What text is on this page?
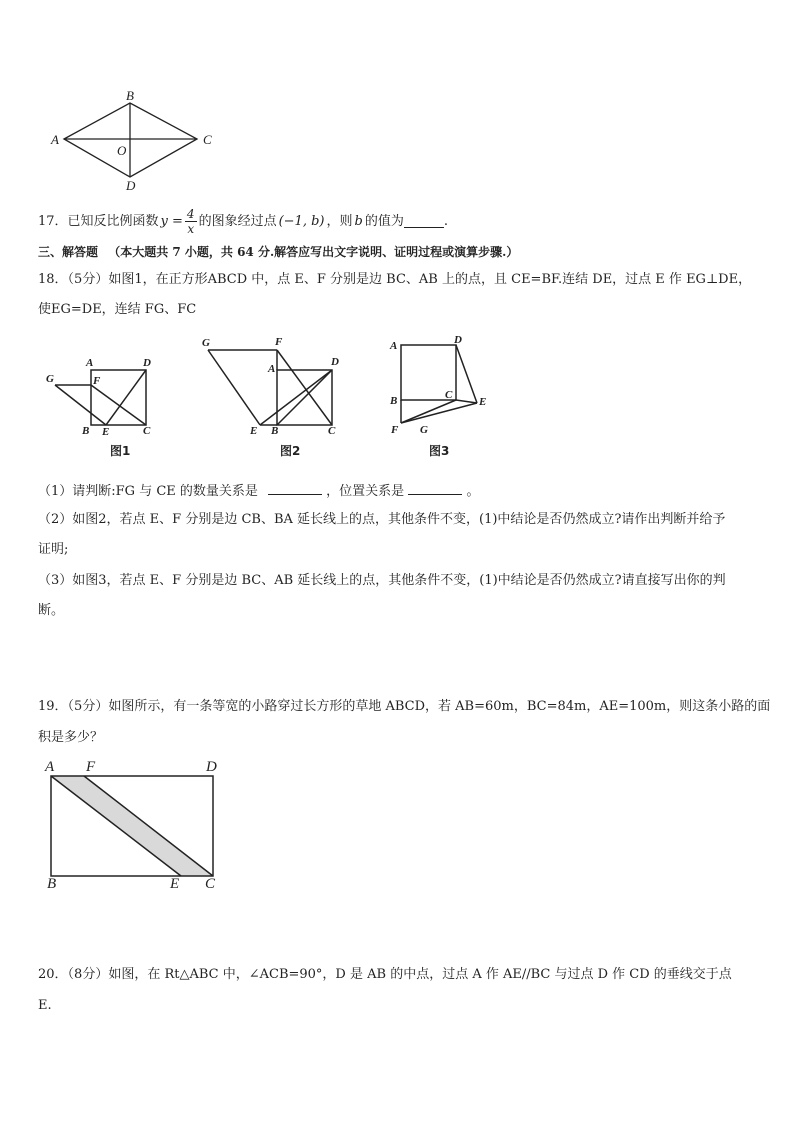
B
A	C
O
D
17．已知反比例函数 $y = \frac{4}{x}$ 的图象经过点 (−1, b) ，则 b 的值为	.
三、解答题 （本大题共 7 小题，共 64 分.解答应写出文字说明、证明过程或演算步骤.）
18．（5分）如图1，在正方形ABCD 中，点 E、F 分别是边 BC、AB 上的点，且 CE=BF.连结 DE，过点 E 作 EG⊥DE，
使EG=DE，连结 FG、FC
A	D
G	F
B E	C
图1
G	F
A
D
E B	C
图2
A	D
C
B	E
F G
图3
（1）请判断:FG 与 CE 的数量关系是	，位置关系是	。
（2）如图2，若点 E、F 分别是边 CB、BA 延长线上的点，其他条件不变，(1)中结论是否仍然成立?请作出判断并给予
证明;
（3）如图3，若点 E、F 分别是边 BC、AB 延长线上的点，其他条件不变，(1)中结论是否仍然成立?请直接写出你的判
断。
19．（5分）如图所示，有一条等宽的小路穿过长方形的草地 ABCD，若 AB=60m，BC=84m，AE=100m，则这条小路的面
积是多少？
A F	D
B	E C
20．（8分）如图，在 Rt△ABC 中，∠ACB=90°，D 是 AB 的中点，过点 A 作 AE//BC 与过点 D 作 CD 的垂线交于点
E.
